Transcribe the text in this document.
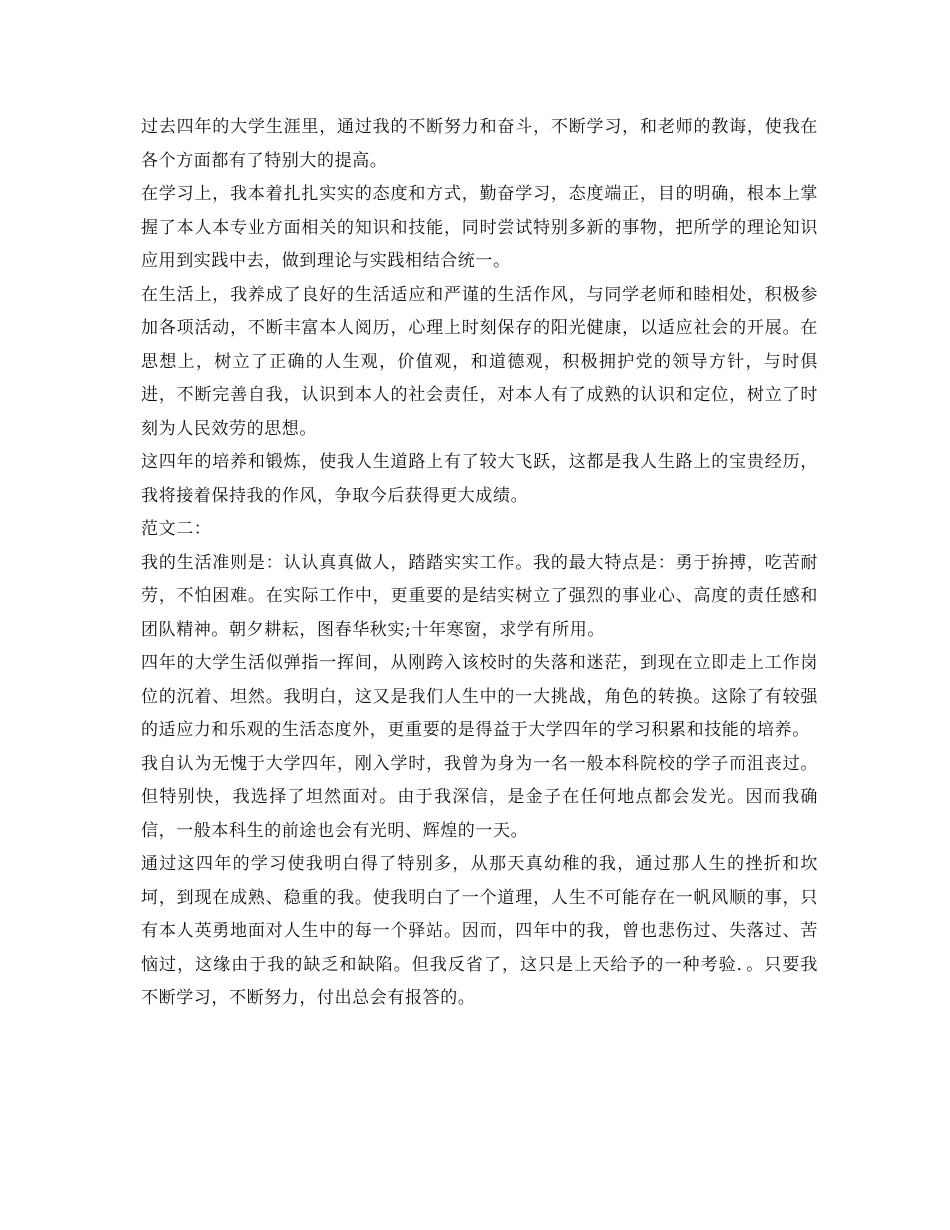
过去四年的大学生涯里，通过我的不断努力和奋斗，不断学习，和老师的教诲，使我在各个方面都有了特别大的提高。

在学习上，我本着扎扎实实的态度和方式，勤奋学习，态度端正，目的明确，根本上掌握了本人本专业方面相关的知识和技能，同时尝试特别多新的事物，把所学的理论知识应用到实践中去，做到理论与实践相结合统一。

在生活上，我养成了良好的生活适应和严谨的生活作风，与同学老师和睦相处，积极参加各项活动，不断丰富本人阅历，心理上时刻保存的阳光健康，以适应社会的开展。在思想上，树立了正确的人生观，价值观，和道德观，积极拥护党的领导方针，与时俱进，不断完善自我，认识到本人的社会责任，对本人有了成熟的认识和定位，树立了时刻为人民效劳的思想。

这四年的培养和锻炼，使我人生道路上有了较大飞跃，这都是我人生路上的宝贵经历，我将接着保持我的作风，争取今后获得更大成绩。

范文二：

我的生活准则是：认认真真做人，踏踏实实工作。我的最大特点是：勇于拚搏，吃苦耐劳，不怕困难。在实际工作中，更重要的是结实树立了强烈的事业心、高度的责任感和团队精神。朝夕耕耘，图春华秋实;十年寒窗，求学有所用。

四年的大学生活似弹指一挥间，从刚跨入该校时的失落和迷茫，到现在立即走上工作岗位的沉着、坦然。我明白，这又是我们人生中的一大挑战，角色的转换。这除了有较强的适应力和乐观的生活态度外，更重要的是得益于大学四年的学习积累和技能的培养。

我自认为无愧于大学四年，刚入学时，我曾为身为一名一般本科院校的学子而沮丧过。但特别快，我选择了坦然面对。由于我深信，是金子在任何地点都会发光。因而我确信，一般本科生的前途也会有光明、辉煌的一天。

通过这四年的学习使我明白得了特别多，从那天真幼稚的我，通过那人生的挫折和坎坷，到现在成熟、稳重的我。使我明白了一个道理，人生不可能存在一帆风顺的事，只有本人英勇地面对人生中的每一个驿站。因而，四年中的我，曾也悲伤过、失落过、苦恼过，这缘由于我的缺乏和缺陷。但我反省了，这只是上天给予的一种考验．。只要我不断学习，不断努力，付出总会有报答的。
